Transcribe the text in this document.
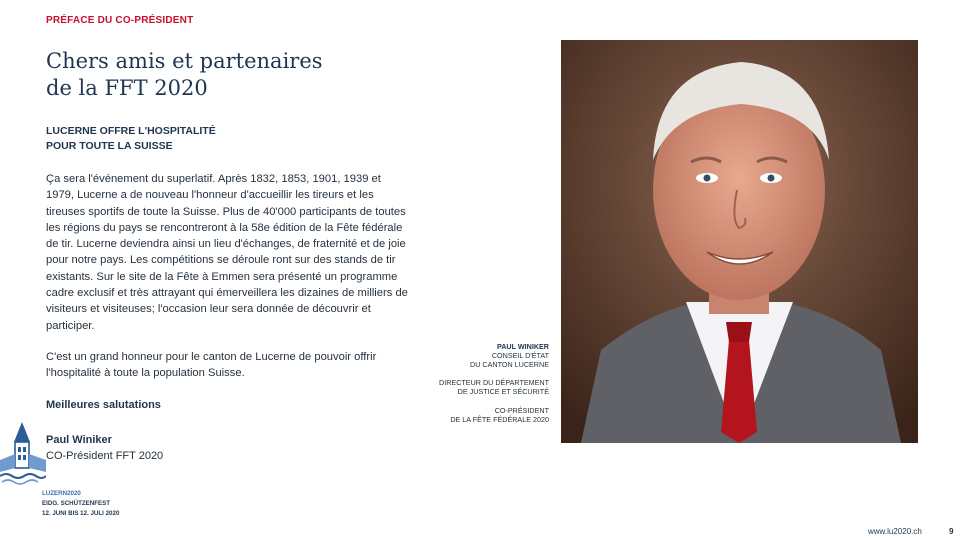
PRÉFACE DU CO-PRÉSIDENT
Chers amis et partenaires
de la FFT 2020
LUCERNE OFFRE L'HOSPITALITÉ
POUR TOUTE LA SUISSE

Ça sera l'événement du superlatif. Après 1832, 1853, 1901, 1939 et 1979, Lucerne a de nouveau l'honneur d'accueillir les tireurs et les tireuses sportifs de toute la Suisse. Plus de 40'000 participants de toutes les régions du pays se rencontreront à la 58e édition de la Fête fédérale de tir. Lucerne deviendra ainsi un lieu d'échanges, de fraternité et de joie pour notre pays. Les compétitions se déroule ront sur des stands de tir existants. Sur le site de la Fête à Emmen sera présenté un programme cadre exclusif et très attrayant qui émerveillera les dizaines de milliers de visiteurs et visiteuses; l'occasion leur sera donnée de découvrir et participer.

C'est un grand honneur pour le canton de Lucerne de pouvoir offrir l'hospitalité à toute la population Suisse.

Meilleures salutations
Paul Winiker
CO-Président FFT 2020
LUZERN2020
EIDG. SCHÜTZENFEST
12. JUNI BIS 12. JULI 2020
PAUL WINIKER
CONSEIL D'ÉTAT
DU CANTON LUCERNE
DIRECTEUR DU DÉPARTEMENT
DE JUSTICE ET SÉCURITÉ
CO-PRÉSIDENT
DE LA FÊTE FÉDÉRALE 2020
www.lu2020.ch	9
